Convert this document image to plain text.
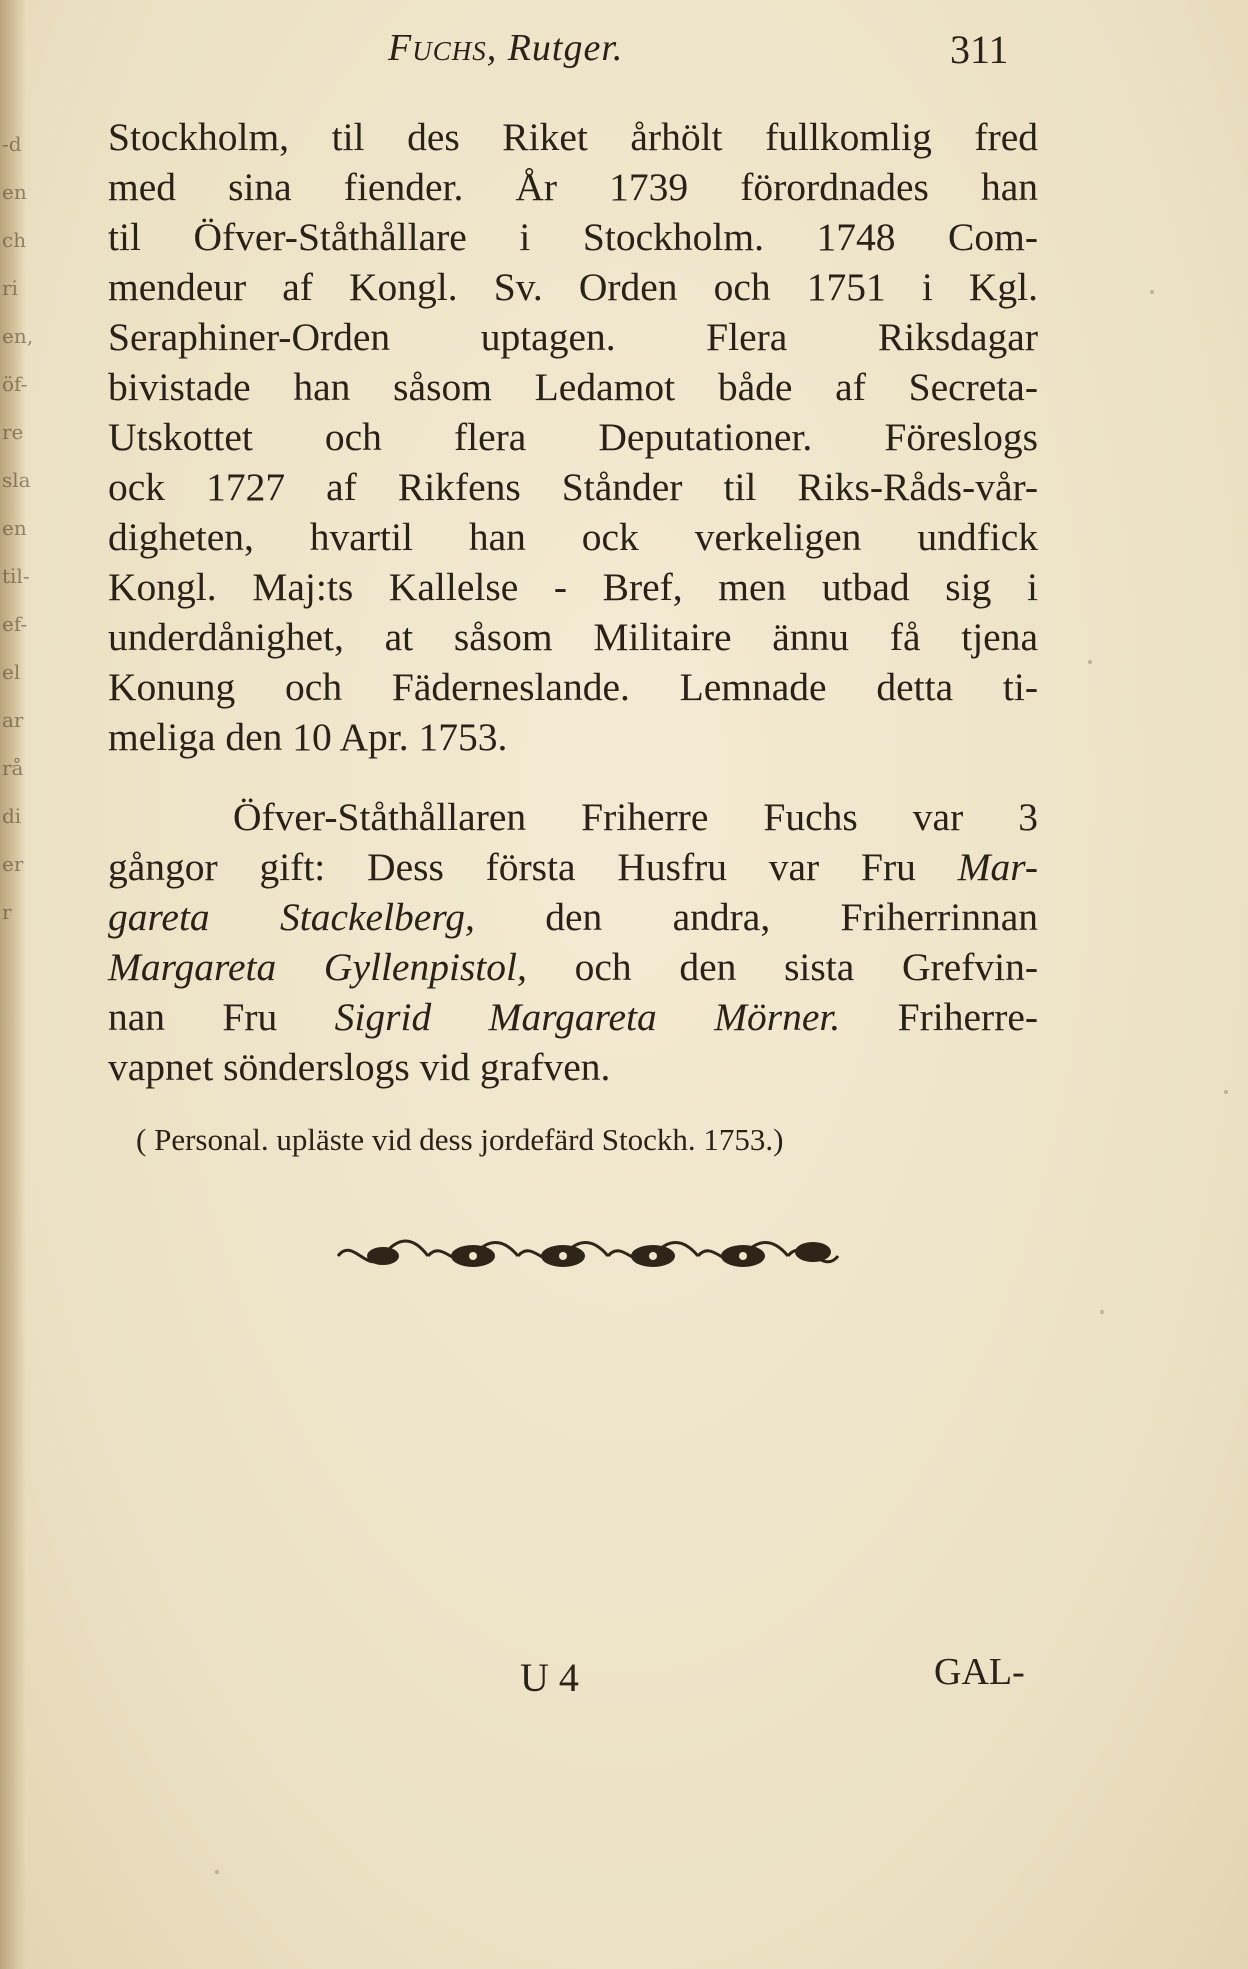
-d
en
ch
ri
en,
öf-
re
sla
en
til-
ef-
el
ar
rå
di
er
r
Fuchs, Rutger.	311
Stockholm, til des Riket århölt fullkomlig fred
med sina fiender. År 1739 förordnades han
til Öfver-Ståthållare i Stockholm. 1748 Com-
mendeur af Kongl. Sv. Orden och 1751 i Kgl.
Seraphiner-Orden uptagen. Flera Riksdagar
bivistade han såsom Ledamot både af Secreta-
Utskottet och flera Deputationer. Föreslogs
ock 1727 af Rikfens Stånder til Riks-Råds-vår-
digheten, hvartil han ock verkeligen undfick
Kongl. Maj:ts Kallelse - Bref, men utbad sig i
underdånighet, at såsom Militaire ännu få tjena
Konung och Fäderneslande. Lemnade detta ti-
meliga den 10 Apr. 1753.
Öfver-Ståthållaren Friherre Fuchs var 3
gångor gift: Dess första Husfru var Fru Mar-
gareta Stackelberg, den andra, Friherrinnan
Margareta Gyllenpistol, och den sista Grefvin-
nan Fru Sigrid Margareta Mörner. Friherre-
vapnet sönderslogs vid grafven.
( Personal. upläste vid dess jordefärd Stockh. 1753.)
U 4	GAL-
